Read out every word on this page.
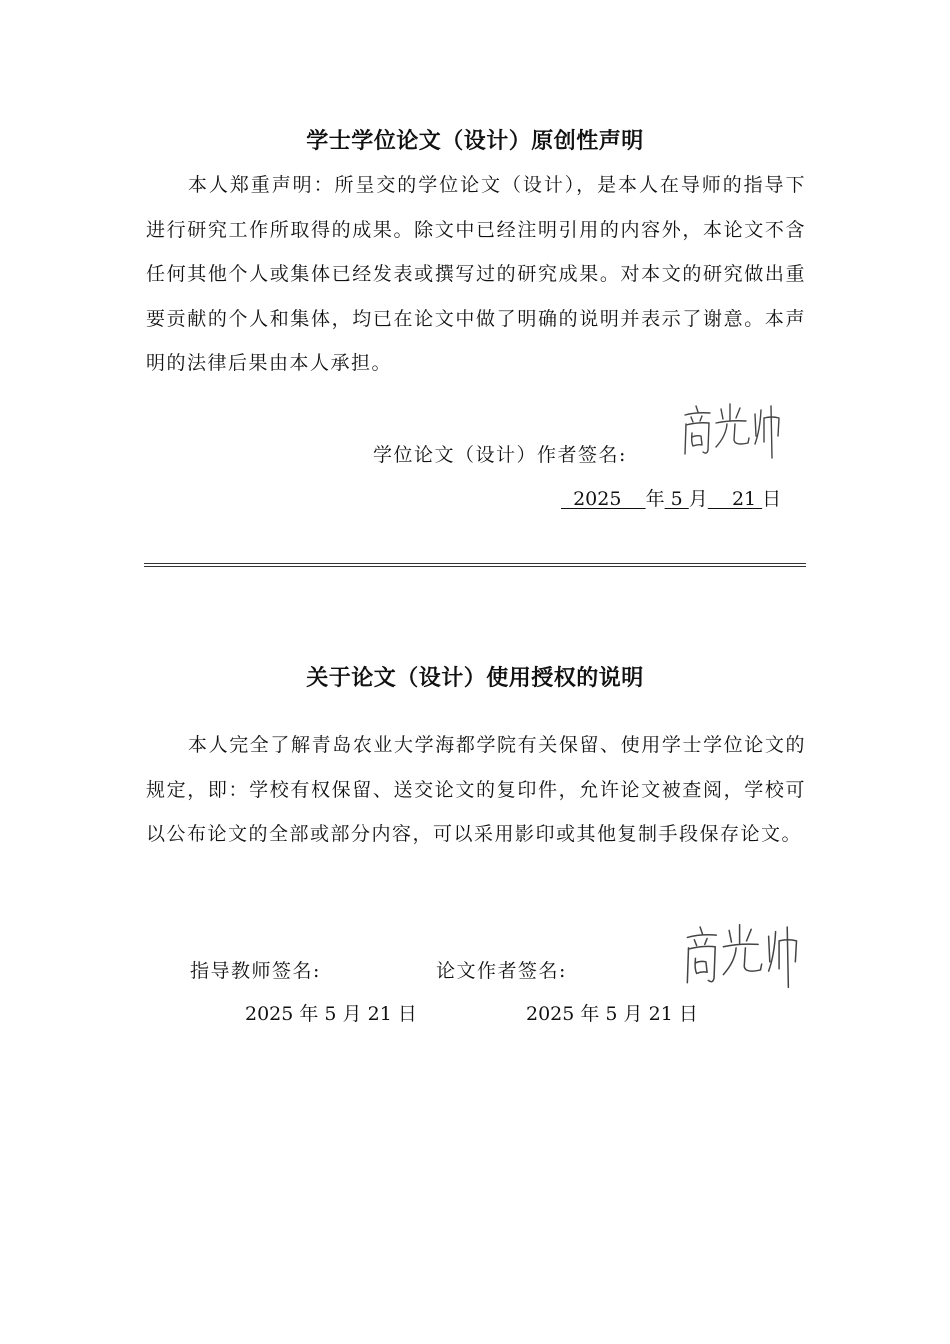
学士学位论文（设计）原创性声明

本人郑重声明：所呈交的学位论文（设计），是本人在导师的指导下进行研究工作所取得的成果。除文中已经注明引用的内容外，本论文不含任何其他个人或集体已经发表或撰写过的研究成果。对本文的研究做出重要贡献的个人和集体，均已在论文中做了明确的说明并表示了谢意。本声明的法律后果由本人承担。

学位论文（设计）作者签名:
2025    年 5 月    21 日
关于论文（设计）使用授权的说明

本人完全了解青岛农业大学海都学院有关保留、使用学士学位论文的规定，即：学校有权保留、送交论文的复印件，允许论文被查阅，学校可以公布论文的全部或部分内容，可以采用影印或其他复制手段保存论文。

指导教师签名:	论文作者签名:
2025 年 5 月 21 日	2025 年 5 月 21 日
